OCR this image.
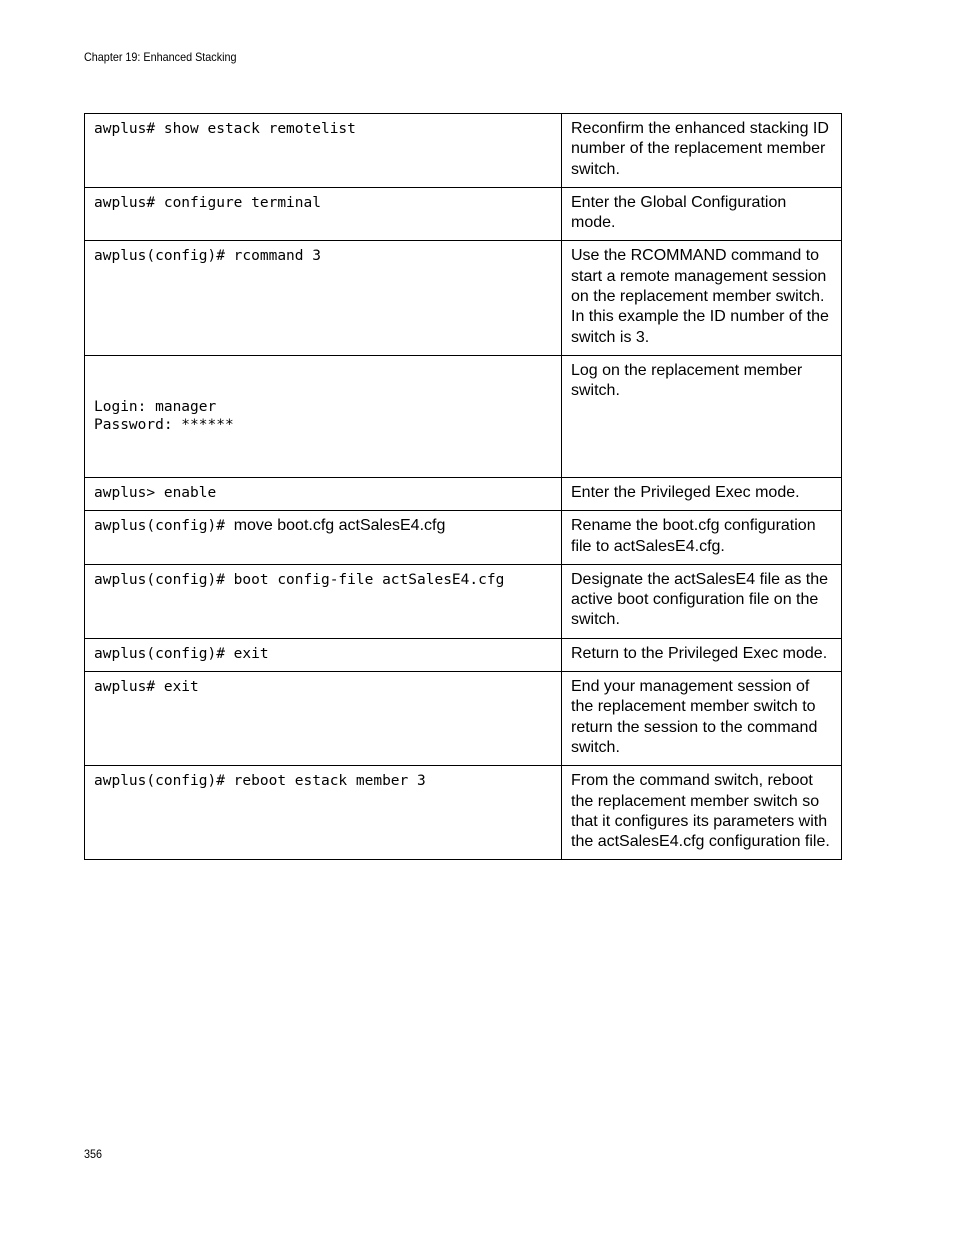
Chapter 19: Enhanced Stacking
awplus# show estack remotelist	Reconfirm the enhanced stacking ID number of the replacement member switch.
awplus# configure terminal	Enter the Global Configuration mode.
awplus(config)# rcommand 3	Use the RCOMMAND command to start a remote management session on the replacement member switch. In this example the ID number of the switch is 3.

Login: manager
Password: ******	Log on the replacement member switch.
awplus> enable	Enter the Privileged Exec mode.
awplus(config)# move boot.cfg actSalesE4.cfg	Rename the boot.cfg configuration file to actSalesE4.cfg.
awplus(config)# boot config-file actSalesE4.cfg	Designate the actSalesE4 file as the active boot configuration file on the switch.
awplus(config)# exit	Return to the Privileged Exec mode.
awplus# exit	End your management session of the replacement member switch to return the session to the command switch.
awplus(config)# reboot estack member 3	From the command switch, reboot the replacement member switch so that it configures its parameters with the actSalesE4.cfg configuration file.
356
